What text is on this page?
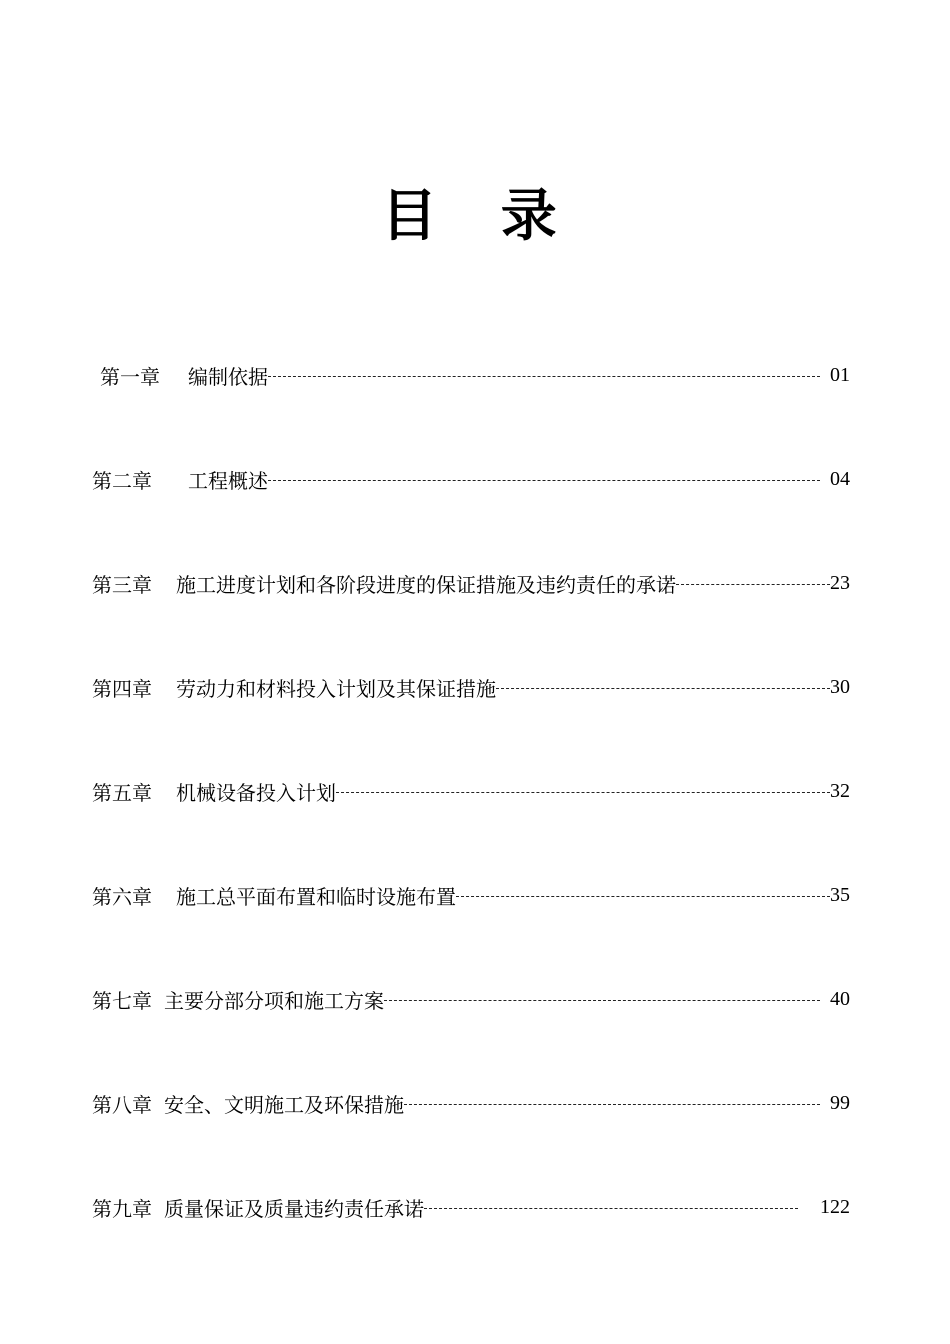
目 录
第一章 编制依据	01
第二章 工程概述	04
第三章 施工进度计划和各阶段进度的保证措施及违约责任的承诺	23
第四章 劳动力和材料投入计划及其保证措施	30
第五章 机械设备投入计划	32
第六章 施工总平面布置和临时设施布置	35
第七章 主要分部分项和施工方案	40
第八章 安全、文明施工及环保措施	99
第九章 质量保证及质量违约责任承诺	122
